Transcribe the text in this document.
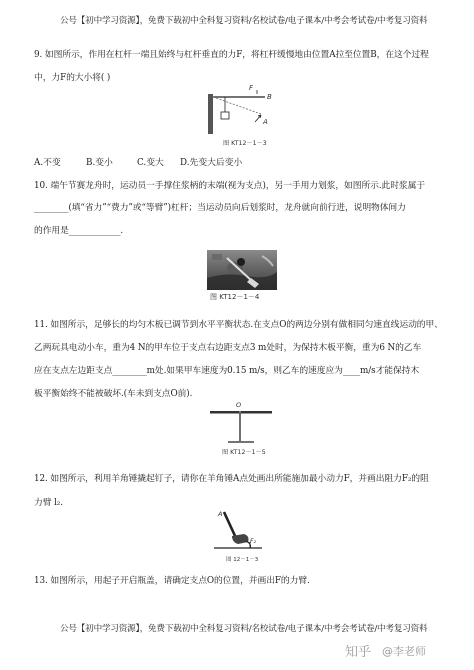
公号【初中学习资源】，免费下载初中全科复习资料/名校试卷/电子课本/中考会考试卷/中考复习资料
9. 如图所示，作用在杠杆一端且始终与杠杆垂直的力F，将杠杆缓慢地由位置A拉至位置B，在这个过程
中，力F的大小将( )
F
B
A
图 KT12－1－3
A.不变	B.变小	C.变大 D.先变大后变小
10. 端午节赛龙舟时，运动员一手撑住浆柄的末端(视为支点)，另一手用力划浆，如图所示.此时浆属于
________(填“省力”“费力”或“等臂”)杠杆；当运动员向后划浆时，龙舟就向前行进，说明物体间力
的作用是____________.
图 KT12－1－4
11. 如图所示，足够长的均匀木板已调节到水平平衡状态.在支点O的两边分别有做相同匀速直线运动的甲、
乙两玩具电动小车，重为4 N的甲车位于支点右边距支点3 m处时，为保持木板平衡，重为6 N的乙车
应在支点左边距支点________m处.如果甲车速度为0.15 m/s，则乙车的速度应为____m/s才能保持木
板平衡始终不能被破坏.(车未到支点O前).
O
图 KT12－1－5
12. 如图所示，利用羊角锤撬起钉子，请你在羊角锤A点处画出所能施加最小动力F，并画出阻力F₂的阻
力臂 l₂.
A
F₂
图 12－1－3
13. 如图所示，用起子开启瓶盖，请确定支点O的位置，并画出F的力臂.
公号【初中学习资源】，免费下载初中全科复习资料/名校试卷/电子课本/中考会考试卷/中考复习资料
知乎 @李老师
